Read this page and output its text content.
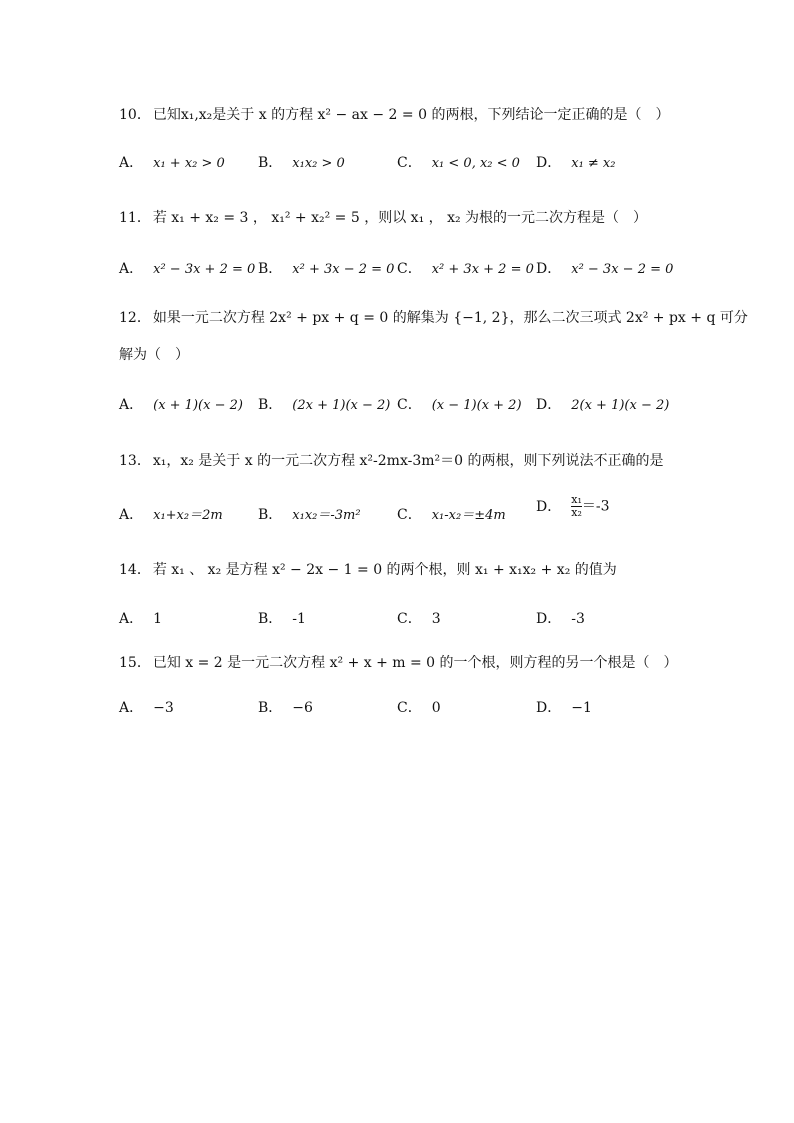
10． 已知x₁,x₂是关于 x 的方程 x² − ax − 2 = 0 的两根，下列结论一定正确的是（　）
A． x₁ + x₂ > 0 B． x₁x₂ > 0	C． x₁ < 0, x₂ < 0 D． x₁ ≠ x₂
11． 若 x₁ + x₂ = 3 ， x₁² + x₂² = 5 ，则以 x₁ ， x₂ 为根的一元二次方程是（　）
A． x² − 3x + 2 = 0 B． x² + 3x − 2 = 0 C． x² + 3x + 2 = 0 D． x² − 3x − 2 = 0
12． 如果一元二次方程 2x² + px + q = 0 的解集为 {−1, 2}，那么二次三项式 2x² + px + q 可分
解为（　）
A． (x + 1)(x − 2) B． (2x + 1)(x − 2) C． (x − 1)(x + 2) D． 2(x + 1)(x − 2)
13． x₁，x₂ 是关于 x 的一元二次方程 x²-2mx-3m²＝0 的两根，则下列说法不正确的是
A． x₁+x₂＝2m	B． x₁x₂＝-3m²	C． x₁-x₂＝±4m
D． $\frac{\text{x₁}}{\text{x₂}} =-3$
14． 若 x₁ 、 x₂ 是方程 x² − 2x − 1 = 0 的两个根，则 x₁ + x₁x₂ + x₂ 的值为
A． 1	B． -1	C． 3	D． -3
15． 已知 x = 2 是一元二次方程 x² + x + m = 0 的一个根，则方程的另一个根是（　）
A． −3	B． −6	C． 0	D． −1
